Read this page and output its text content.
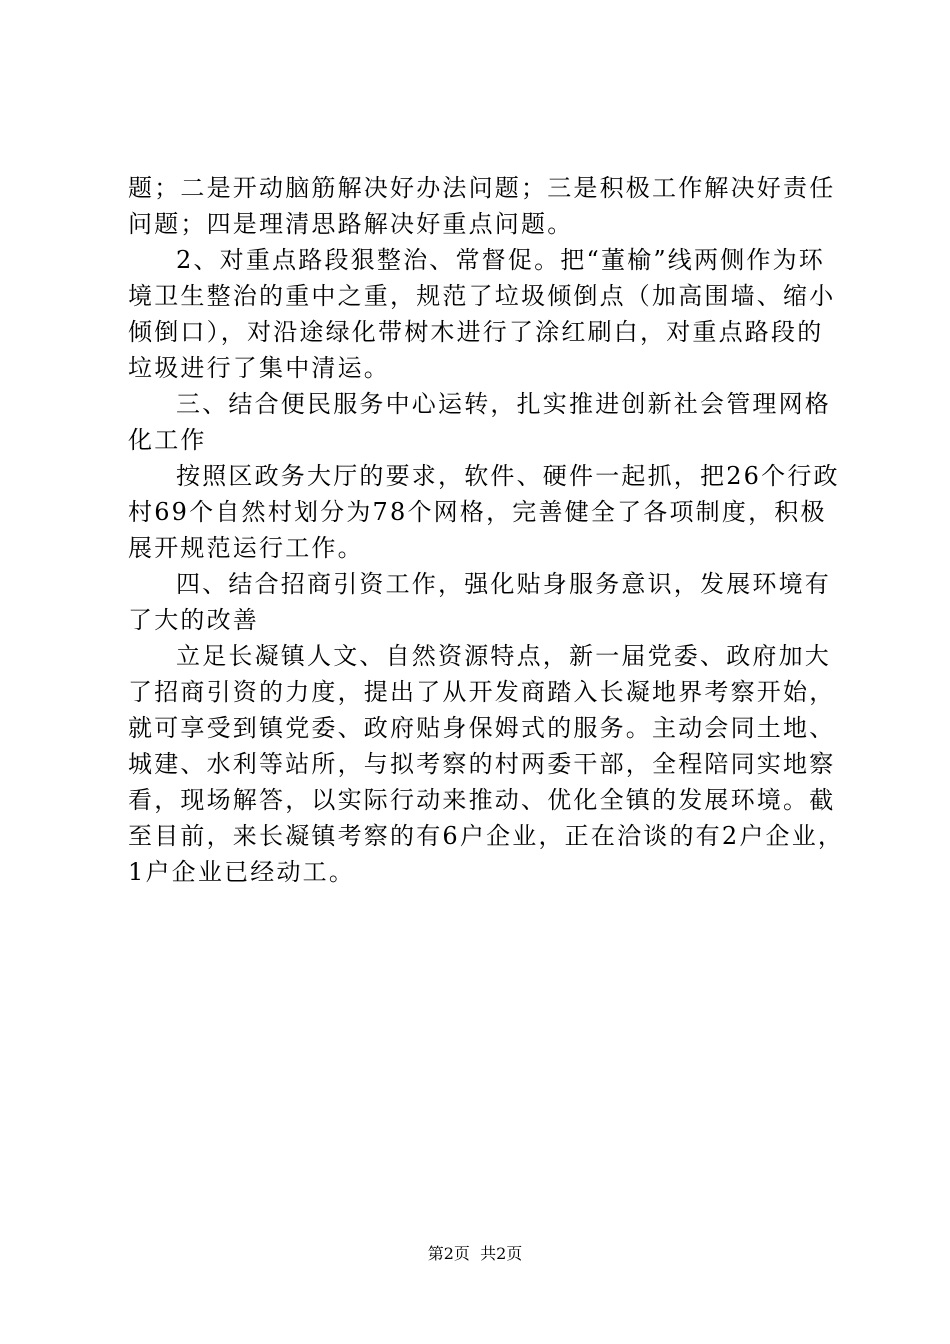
题；二是开动脑筋解决好办法问题；三是积极工作解决好责任
问题；四是理清思路解决好重点问题。
2、对重点路段狠整治、常督促。把“董榆”线两侧作为环
境卫生整治的重中之重，规范了垃圾倾倒点（加高围墙、缩小
倾倒口），对沿途绿化带树木进行了涂红刷白，对重点路段的
垃圾进行了集中清运。
三、结合便民服务中心运转，扎实推进创新社会管理网格
化工作
按照区政务大厅的要求，软件、硬件一起抓，把26个行政
村69个自然村划分为78个网格，完善健全了各项制度，积极
展开规范运行工作。
四、结合招商引资工作，强化贴身服务意识，发展环境有
了大的改善
立足长凝镇人文、自然资源特点，新一届党委、政府加大
了招商引资的力度，提出了从开发商踏入长凝地界考察开始，
就可享受到镇党委、政府贴身保姆式的服务。主动会同土地、
城建、水利等站所，与拟考察的村两委干部，全程陪同实地察
看，现场解答，以实际行动来推动、优化全镇的发展环境。截
至目前，来长凝镇考察的有6户企业，正在洽谈的有2户企业，
1户企业已经动工。
第2页  共2页
